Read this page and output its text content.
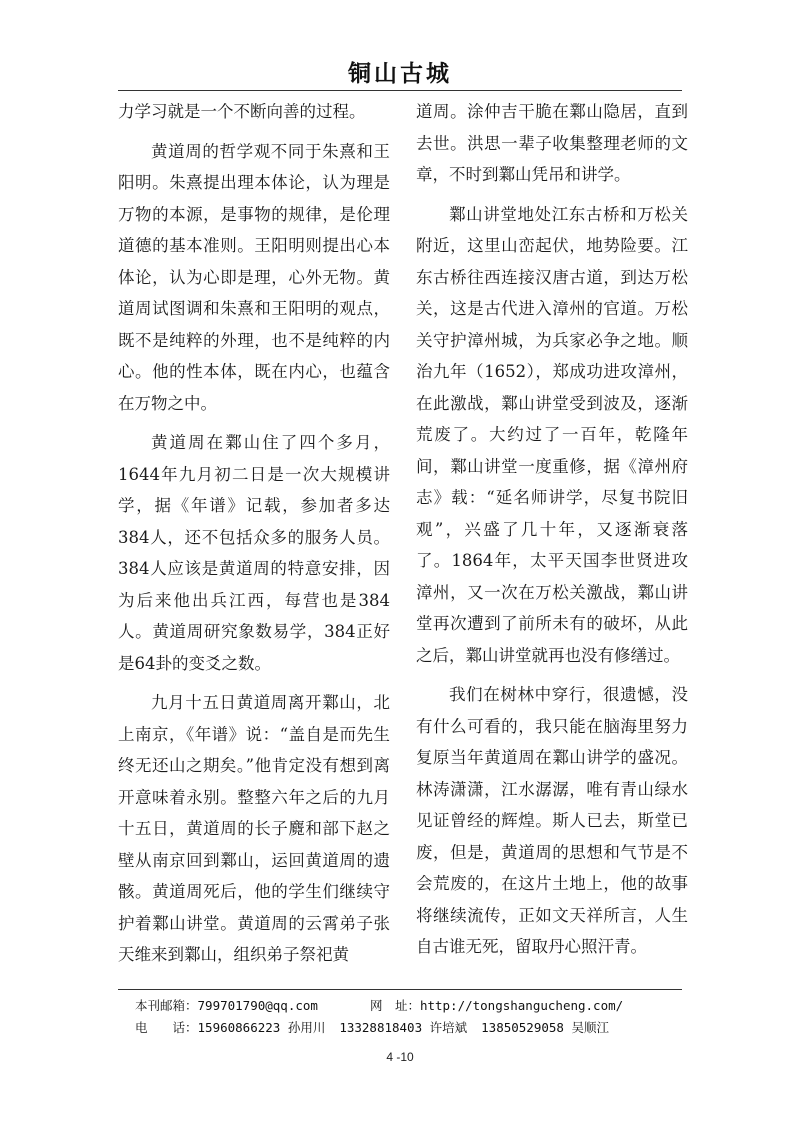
铜山古城

力学习就是一个不断向善的过程。

黄道周的哲学观不同于朱熹和王阳明。朱熹提出理本体论，认为理是万物的本源，是事物的规律，是伦理道德的基本准则。王阳明则提出心本体论，认为心即是理，心外无物。黄道周试图调和朱熹和王阳明的观点，既不是纯粹的外理，也不是纯粹的内心。他的性本体，既在内心，也蕴含在万物之中。

黄道周在鄴山住了四个多月，1644年九月初二日是一次大规模讲学，据《年谱》记载，参加者多达384人，还不包括众多的服务人员。384人应该是黄道周的特意安排，因为后来他出兵江西，每营也是384人。黄道周研究象数易学，384正好是64卦的变爻之数。

九月十五日黄道周离开鄴山，北上南京，《年谱》说：“盖自是而先生终无还山之期矣。”他肯定没有想到离开意味着永别。整整六年之后的九月十五日，黄道周的长子麑和部下赵之壁从南京回到鄴山，运回黄道周的遗骸。黄道周死后，他的学生们继续守护着鄴山讲堂。黄道周的云霄弟子张天维来到鄴山，组织弟子祭祀黄

道周。涂仲吉干脆在鄴山隐居，直到去世。洪思一辈子收集整理老师的文章，不时到鄴山凭吊和讲学。

鄴山讲堂地处江东古桥和万松关附近，这里山峦起伏，地势险要。江东古桥往西连接汉唐古道，到达万松关，这是古代进入漳州的官道。万松关守护漳州城，为兵家必争之地。顺治九年（1652），郑成功进攻漳州，在此激战，鄴山讲堂受到波及，逐渐荒废了。大约过了一百年，乾隆年间，鄴山讲堂一度重修，据《漳州府志》载：“延名师讲学，尽复书院旧观”，兴盛了几十年，又逐渐衰落了。1864年，太平天国李世贤进攻漳州，又一次在万松关激战，鄴山讲堂再次遭到了前所未有的破坏，从此之后，鄴山讲堂就再也没有修缮过。

我们在树林中穿行，很遗憾，没有什么可看的，我只能在脑海里努力复原当年黄道周在鄴山讲学的盛况。林涛潇潇，江水潺潺，唯有青山绿水见证曾经的辉煌。斯人已去，斯堂已废，但是，黄道周的思想和气节是不会荒废的，在这片土地上，他的故事将继续流传，正如文天祥所言，人生自古谁无死，留取丹心照汗青。

本刊邮箱：799701790@qq.com	网　址：http://tongshangucheng.com/
电　　话：15960866223 孙用川 13328818403 许培斌 13850529058 吴顺江
4 -10
